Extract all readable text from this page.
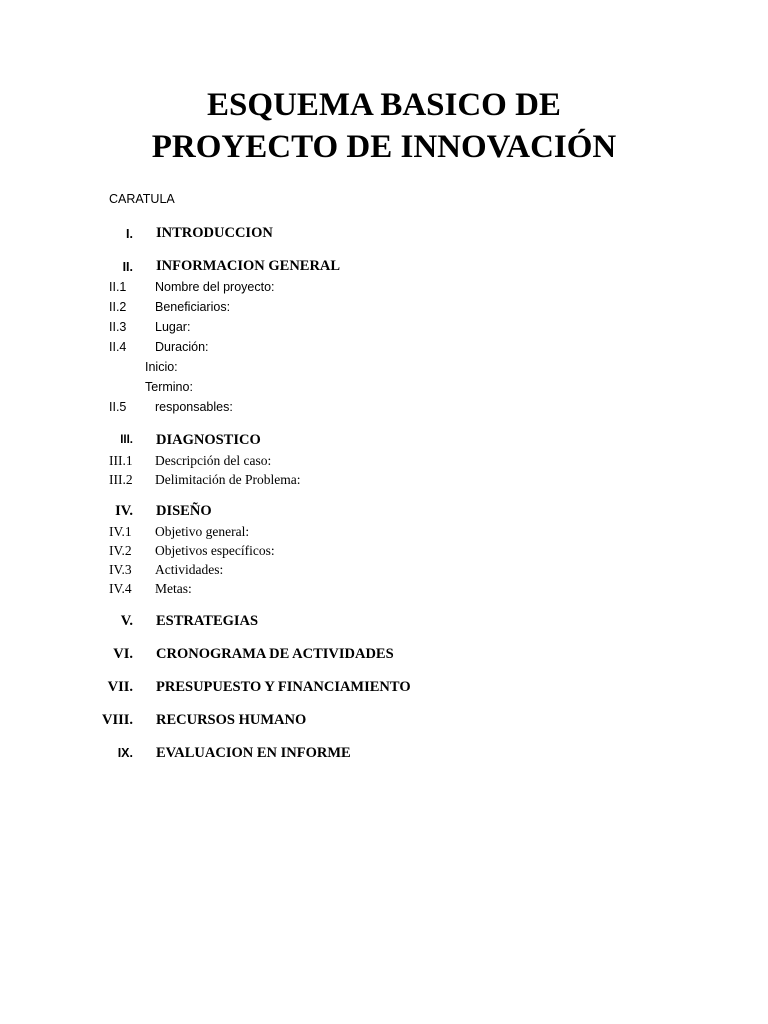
ESQUEMA BASICO DE
PROYECTO DE INNOVACIÓN
CARATULA
I. INTRODUCCION
II. INFORMACION GENERAL
II.1 Nombre del proyecto:
II.2 Beneficiarios:
II.3 Lugar:
II.4 Duración:
Inicio:
Termino:
II.5 responsables:
III. DIAGNOSTICO
III.1 Descripción del caso:
III.2 Delimitación de Problema:
IV. DISEÑO
IV.1 Objetivo general:
IV.2 Objetivos específicos:
IV.3 Actividades:
IV.4 Metas:
V. ESTRATEGIAS
VI. CRONOGRAMA DE ACTIVIDADES
VII. PRESUPUESTO Y FINANCIAMIENTO
VIII. RECURSOS HUMANO
IX. EVALUACION EN INFORME
